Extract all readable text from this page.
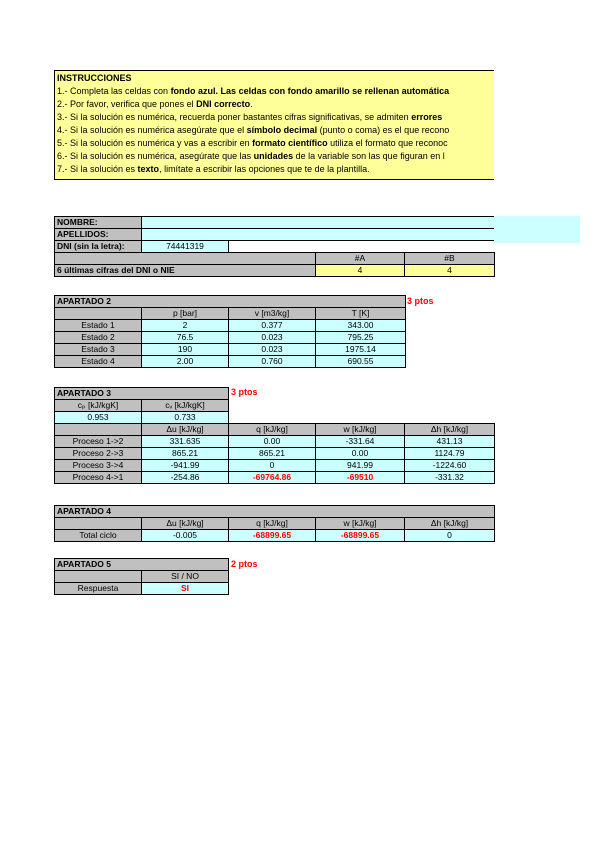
INSTRUCCIONES
1.- Completa las celdas con fondo azul. Las celdas con fondo amarillo se rellenan automática
2.- Por favor, verifica que pones el DNI correcto.
3.- Si la solución es numérica, recuerda poner bastantes cifras significativas, se admiten errores
4.- Si la solución es numérica asegúrate que el símbolo decimal (punto o coma) es el que recono
5.- Si la solución es numérica y vas a escribir en formato científico utiliza el formato que reconoc
6.- Si la solución es numérica, asegúrate que las unidades de la variable son las que figuran en l
7.- Si la solución es texto, limítate a escribir las opciones que te de la plantilla.
NOMBRE:				
APELLIDOS:				
DNI (sin la letra):	74441319			
			#A	#B
6 últimas cifras del DNI o NIE			4	4
APARTADO 2			
	p [bar]	v [m3/kg]	T [K]
Estado 1	2	0.377	343.00
Estado 2	76.5	0.023	795.25
Estado 3	190	0.023	1975.14
Estado 4	2.00	0.760	690.55
3 ptos
APARTADO 3				
cₚ [kJ/kgK]	cᵥ [kJ/kgK]			
0.953	0.733			
	Δu [kJ/kg]	q [kJ/kg]	w [kJ/kg]	Δh [kJ/kg]
Proceso 1->2	331.635	0.00	-331.64	431.13
Proceso 2->3	865.21	865.21	0.00	1124.79
Proceso 3->4	-941.99	0	941.99	-1224.60
Proceso 4->1	-254.86	-69764.86	-69510	-331.32
3 ptos
APARTADO 4				
	Δu [kJ/kg]	q [kJ/kg]	w [kJ/kg]	Δh [kJ/kg]
Total ciclo	-0.005	-68899.65	-68899.65	0
APARTADO 5	
	SI / NO
Respuesta	SI
2 ptos
